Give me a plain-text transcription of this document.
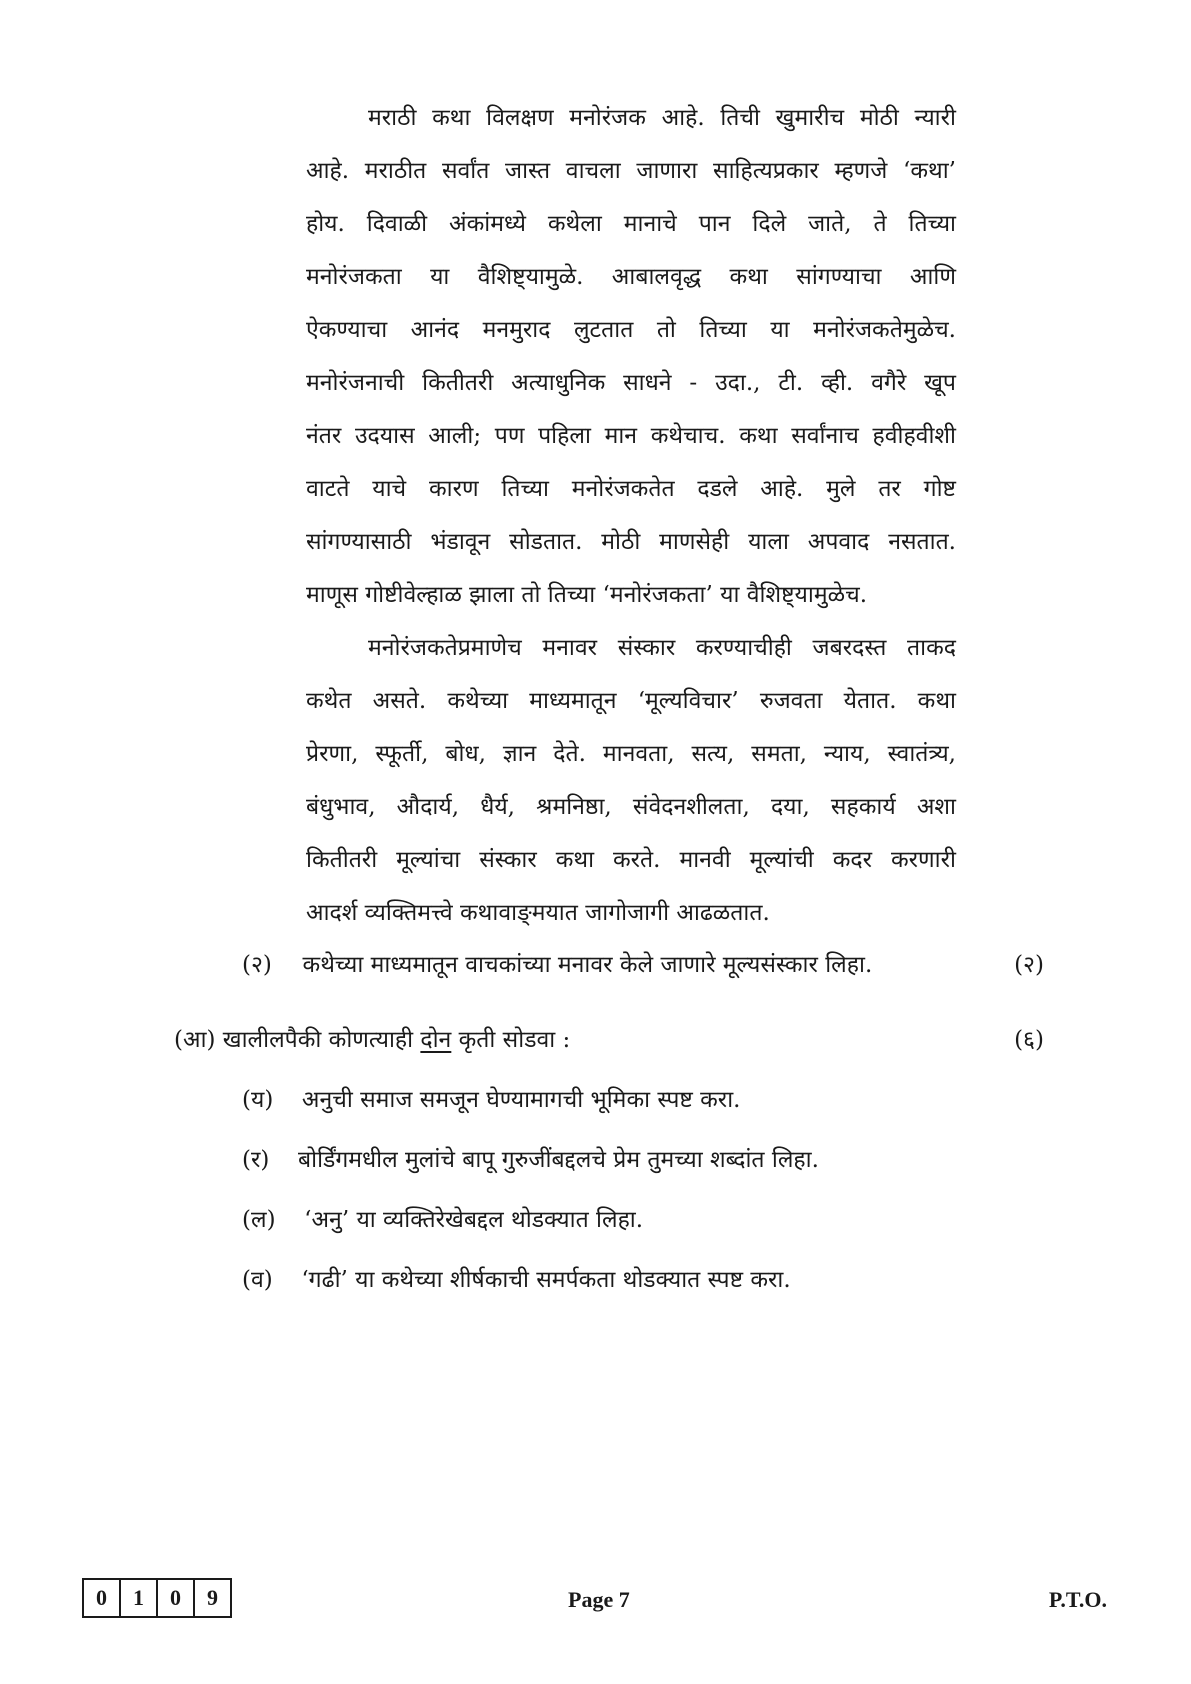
मराठी कथा विलक्षण मनोरंजक आहे. तिची खुमारीच मोठी न्यारी
आहे. मराठीत सर्वांत जास्त वाचला जाणारा साहित्यप्रकार म्हणजे ‘कथा’
होय. दिवाळी अंकांमध्ये कथेला मानाचे पान दिले जाते, ते तिच्या
मनोरंजकता या वैशिष्ट्यामुळे. आबालवृद्ध कथा सांगण्याचा आणि
ऐकण्याचा आनंद मनमुराद लुटतात तो तिच्या या मनोरंजकतेमुळेच.
मनोरंजनाची कितीतरी अत्याधुनिक साधने - उदा., टी. व्ही. वगैरे खूप
नंतर उदयास आली; पण पहिला मान कथेचाच. कथा सर्वांनाच हवीहवीशी
वाटते याचे कारण तिच्या मनोरंजकतेत दडले आहे. मुले तर गोष्ट
सांगण्यासाठी भंडावून सोडतात. मोठी माणसेही याला अपवाद नसतात.
माणूस गोष्टीवेल्हाळ झाला तो तिच्या ‘मनोरंजकता’ या वैशिष्ट्यामुळेच.
मनोरंजकतेप्रमाणेच मनावर संस्कार करण्याचीही जबरदस्त ताकद
कथेत असते. कथेच्या माध्यमातून ‘मूल्यविचार’ रुजवता येतात. कथा
प्रेरणा, स्फूर्ती, बोध, ज्ञान देते. मानवता, सत्य, समता, न्याय, स्वातंत्र्य,
बंधुभाव, औदार्य, धैर्य, श्रमनिष्ठा, संवेदनशीलता, दया, सहकार्य अशा
कितीतरी मूल्यांचा संस्कार कथा करते. मानवी मूल्यांची कदर करणारी
आदर्श व्यक्तिमत्त्वे कथावाङ्‌मयात जागोजागी आढळतात.
(२) कथेच्या माध्यमातून वाचकांच्या मनावर केले जाणारे मूल्यसंस्कार लिहा.	(२)
(आ) खालीलपैकी कोणत्याही दोन कृती सोडवा :	(६)
(य) अनुची समाज समजून घेण्यामागची भूमिका स्पष्ट करा.
(र) बोर्डिंगमधील मुलांचे बापू गुरुजींबद्दलचे प्रेम तुमच्या शब्दांत लिहा.
(ल) ‘अनु’ या व्यक्तिरेखेबद्दल थोडक्यात लिहा.
(व) ‘गढी’ या कथेच्या शीर्षकाची समर्पकता थोडक्यात स्पष्ट करा.
0	1	0	9	Page 7	P.T.O.
